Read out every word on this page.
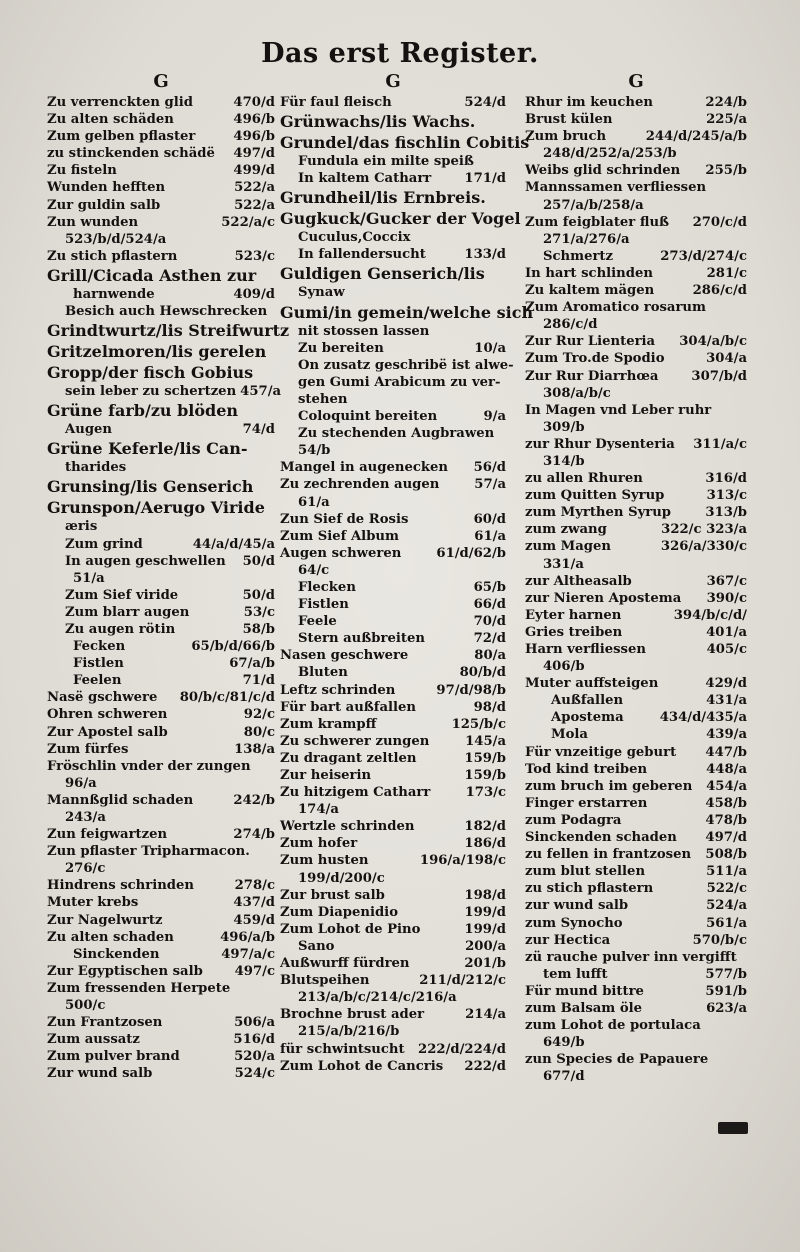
Das erst Register.
G
Zu verrenckten glid	470/d
Zu alten schäden	496/b
Zum gelben pflaster	496/b
zu stinckenden schädë	497/d
Zu fisteln	499/d
Wunden hefften	522/a
Zur guldin salb	522/a
Zun wunden	522/a/c
523/b/d/524/a
Zu stich pflastern	523/c
Grill/Cicada Asthen zur
harnwende	409/d
Besich auch Hewschrecken
Grindtwurtz/lis Streifwurtz
Gritzelmoren/lis gerelen
Gropp/der fisch Gobius
sein leber zu schertzen 457/a
Grüne farb/zu blöden
Augen	74/d
Grüne Keferle/lis Can-
tharides
Grunsing/lis Genserich
Grunspon/Aerugo Viride
æris
Zum grind	44/a/d/45/a
In augen geschwellen	50/d
51/a
Zum Sief viride	50/d
Zum blarr augen	53/c
Zu augen rötin	58/b
Fecken	65/b/d/66/b
Fistlen	67/a/b
Feelen	71/d
Nasë gschwere	80/b/c/81/c/d
Ohren schweren	92/c
Zur Apostel salb	80/c
Zum fürfes	138/a
Fröschlin vnder der zungen
96/a
Mannßglid schaden	242/b
243/a
Zun feigwartzen	274/b
Zun pflaster Tripharmacon.
276/c
Hindrens schrinden	278/c
Muter krebs	437/d
Zur Nagelwurtz	459/d
Zu alten schaden	496/a/b
Sinckenden	497/a/c
Zur Egyptischen salb	497/c
Zum fressenden Herpete
500/c
Zun Frantzosen	506/a
Zum aussatz	516/d
Zum pulver brand	520/a
Zur wund salb	524/c
G
Für faul fleisch	524/d
Grünwachs/lis Wachs.
Grundel/das fischlin Cobitis
Fundula ein milte speiß
In kaltem Catharr	171/d
Grundheil/lis Ernbreis.
Gugkuck/Gucker der Vogel
Cuculus,Coccix
In fallendersucht	133/d
Guldigen Genserich/lis
Synaw
Gumi/in gemein/welche sich
nit stossen lassen
Zu bereiten	10/a
On zusatz geschribë ist alwe-
gen Gumi Arabicum zu ver-
stehen
Coloquint bereiten	9/a
Zu stechenden Augbrawen
54/b
Mangel in augenecken	56/d
Zu zechrenden augen	57/a
61/a
Zun Sief de Rosis	60/d
Zum Sief Album	61/a
Augen schweren	61/d/62/b
64/c
Flecken	65/b
Fistlen	66/d
Feele	70/d
Stern außbreiten	72/d
Nasen geschwere	80/a
Bluten	80/b/d
Leftz schrinden	97/d/98/b
Für bart außfallen	98/d
Zum krampff	125/b/c
Zu schwerer zungen	145/a
Zu dragant zeltlen	159/b
Zur heiserin	159/b
Zu hitzigem Catharr	173/c
174/a
Wertzle schrinden	182/d
Zum hofer	186/d
Zum husten	196/a/198/c
199/d/200/c
Zur brust salb	198/d
Zum Diapenidio	199/d
Zum Lohot de Pino	199/d
Sano	200/a
Außwurff fürdren	201/b
Blutspeihen	211/d/212/c
213/a/b/c/214/c/216/a
Brochne brust ader	214/a
215/a/b/216/b
für schwintsucht	222/d/224/d
Zum Lohot de Cancris	222/d
G
Rhur im keuchen	224/b
Brust külen	225/a
Zum bruch	244/d/245/a/b
248/d/252/a/253/b
Weibs glid schrinden	255/b
Mannssamen verfliessen
257/a/b/258/a
Zum feigblater fluß	270/c/d
271/a/276/a
Schmertz	273/d/274/c
In hart schlinden	281/c
Zu kaltem mägen	286/c/d
Zum Aromatico rosarum
286/c/d
Zur Rur Lienteria	304/a/b/c
Zum Tro.de Spodio	304/a
Zur Rur Diarrhœa	307/b/d
308/a/b/c
In Magen vnd Leber ruhr
309/b
zur Rhur Dysenteria	311/a/c
314/b
zu allen Rhuren	316/d
zum Quitten Syrup	313/c
zum Myrthen Syrup	313/b
zum zwang	322/c 323/a
zum Magen	326/a/330/c
331/a
zur Altheasalb	367/c
zur Nieren Apostema	390/c
Eyter harnen	394/b/c/d/
Gries treiben	401/a
Harn verfliessen	405/c
406/b
Muter auffsteigen	429/d
Außfallen	431/a
Apostema	434/d/435/a
Mola	439/a
Für vnzeitige geburt	447/b
Tod kind treiben	448/a
zum bruch im geberen	454/a
Finger erstarren	458/b
zum Podagra	478/b
Sinckenden schaden	497/d
zu fellen in frantzosen	508/b
zum blut stellen	511/a
zu stich pflastern	522/c
zur wund salb	524/a
zum Synocho	561/a
zur Hectica	570/b/c
zü rauche pulver inn vergifft
tem lufft	577/b
Für mund bittre	591/b
zum Balsam öle	623/a
zum Lohot de portulaca
649/b
zun Species de Papauere
677/d
